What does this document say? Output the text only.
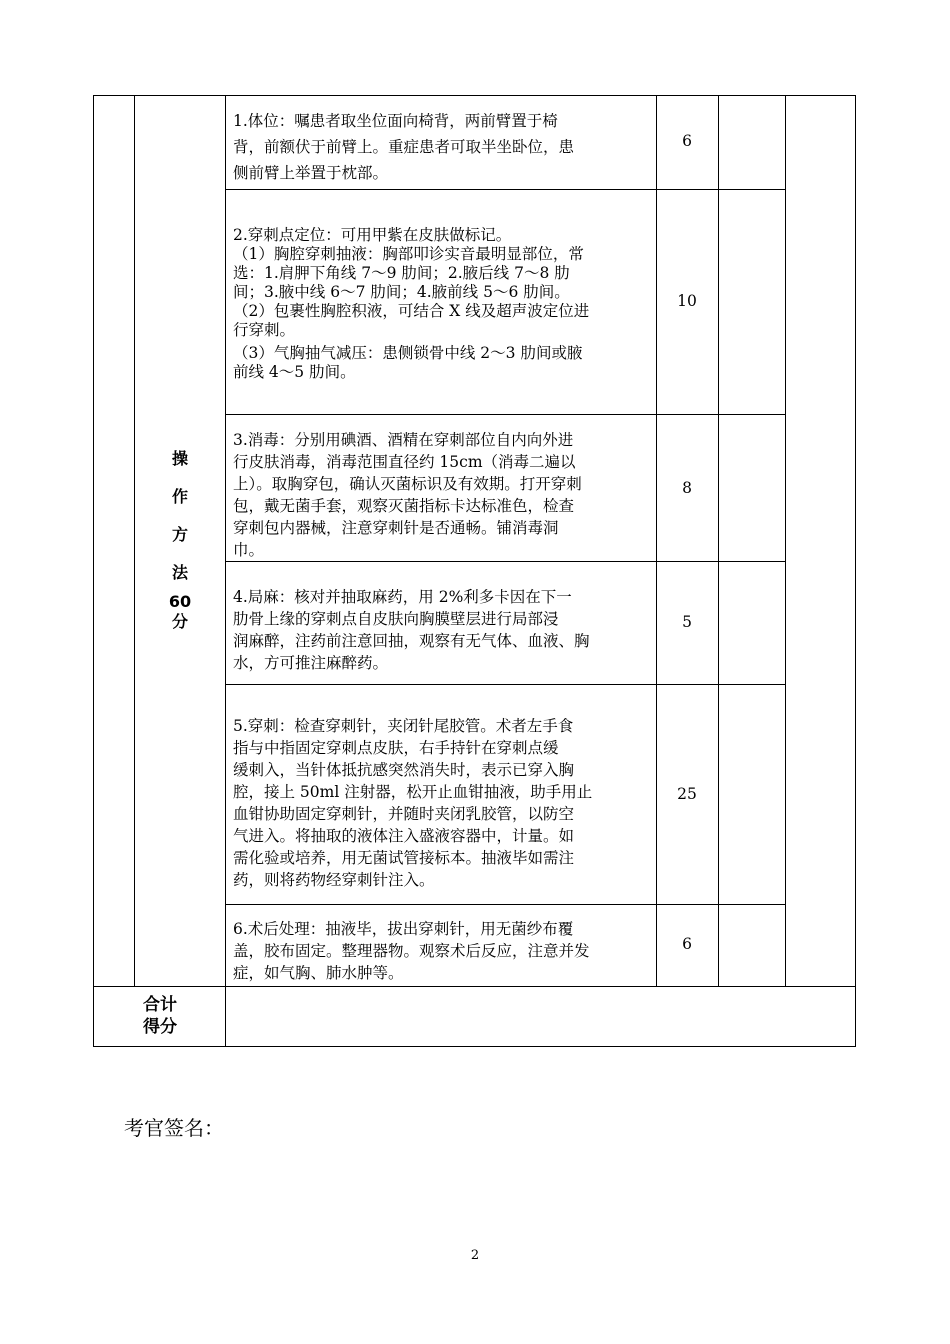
操
作
方
法
60
分
1.体位：嘱患者取坐位面向椅背，两前臂置于椅
背，前额伏于前臂上。重症患者可取半坐卧位，患
侧前臂上举置于枕部。
6
2.穿刺点定位：可用甲紫在皮肤做标记。
（1）胸腔穿刺抽液：胸部叩诊实音最明显部位，常
选：1.肩胛下角线 7～9 肋间；2.腋后线 7～8 肋
间；3.腋中线 6～7 肋间；4.腋前线 5～6 肋间。
（2）包裹性胸腔积液，可结合 X 线及超声波定位进
行穿刺。
（3）气胸抽气减压：患侧锁骨中线 2～3 肋间或腋
前线 4～5 肋间。
10
3.消毒：分别用碘酒、酒精在穿刺部位自内向外进
行皮肤消毒，消毒范围直径约 15cm（消毒二遍以
上）。取胸穿包，确认灭菌标识及有效期。打开穿刺
包，戴无菌手套，观察灭菌指标卡达标准色，检查
穿刺包内器械，注意穿刺针是否通畅。铺消毒洞
巾。
8
4.局麻：核对并抽取麻药，用 2%利多卡因在下一
肋骨上缘的穿刺点自皮肤向胸膜壁层进行局部浸
润麻醉，注药前注意回抽，观察有无气体、血液、胸
水，方可推注麻醉药。
5
5.穿刺：检查穿刺针，夹闭针尾胶管。术者左手食
指与中指固定穿刺点皮肤，右手持针在穿刺点缓
缓刺入，当针体抵抗感突然消失时，表示已穿入胸
腔，接上 50ml 注射器，松开止血钳抽液，助手用止
血钳协助固定穿刺针，并随时夹闭乳胶管，以防空
气进入。将抽取的液体注入盛液容器中，计量。如
需化验或培养，用无菌试管接标本。抽液毕如需注
药，则将药物经穿刺针注入。
25
6.术后处理：抽液毕，拔出穿刺针，用无菌纱布覆
盖，胶布固定。整理器物。观察术后反应，注意并发
症，如气胸、肺水肿等。
6
合计
得分
考官签名：
2
